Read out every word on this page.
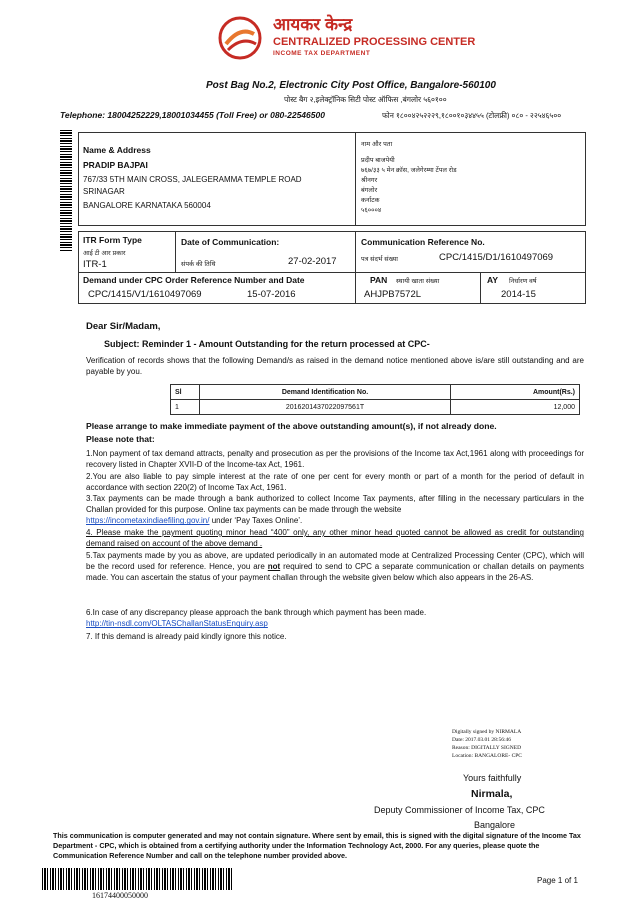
आयकर केन्द्र
CENTRALIZED PROCESSING CENTER
INCOME TAX DEPARTMENT
Post Bag No.2, Electronic City Post Office, Bangalore-560100
पोस्ट बैग २,इलेक्ट्रॉनिक सिटी पोस्ट ऑफिस ,बंगलोर ५६०१००
Telephone: 18004252229,18001034455 (Toll Free) or 080-22546500	फोन १८००४२५२२२९,१८००१०३४४५५ (टोलफ्री) ०८० - २२५४६५००
Name & Address
PRADIP BAJPAI
767/33 5TH MAIN CROSS, JALEGERAMMA TEMPLE ROAD
SRINAGAR
BANGALORE KARNATAKA 560004
नाम और पता
प्रदीप बाजपेयी
७६७/३३ ५ मेन क्रॉस, जलेगेरम्मा टेंपल रोड
श्रीनगर
बंगलोर
कर्नाटक
५६०००४
ITR Form Type
आई टी आर प्रकार
ITR-1
Date of Communication:
संपर्क की तिथि	27-02-2017
Communication Reference No.
पत्र संदर्भ संख्या	CPC/1415/D1/1610497069
Demand under CPC Order Reference Number and Date
CPC/1415/V1/1610497069	15-07-2016
PAN स्थायी खाता संख्या
AHJPB7572L
AY निर्धारण वर्ष
2014-15
Dear Sir/Madam,
Subject: Reminder 1 - Amount Outstanding for the return processed at CPC-
Verification of records shows that the following Demand/s as raised in the demand notice mentioned above is/are still outstanding and are payable by you.
Sl	Demand Identification No.	Amount(Rs.)
1	2016201437022097561T	12,000
Please arrange to make immediate payment of the above outstanding amount(s), if not already done.
Please note that:
1.Non payment of tax demand attracts, penalty and prosecution as per the provisions of the Income tax Act,1961 along with proceedings for recovery listed in Chapter XVII-D of the Income-tax Act, 1961.
2.You are also liable to pay simple interest at the rate of one per cent for every month or part of a month for the period of default in accordance with section 220(2) of Income Tax Act, 1961.
3.Tax payments can be made through a bank authorized to collect Income Tax payments, after filling in the necessary particulars in the Challan provided for this purpose. Online tax payments can be made through the website
https://incometaxindiaefiling.gov.in/ under ‘Pay Taxes Online’.
4. Please make the payment quoting minor head “400” only, any other minor head quoted cannot be allowed as credit for outstanding demand raised on account of the above demand .
5.Tax payments made by you as above, are updated periodically in an automated mode at Centralized Processing Center (CPC), which will be the record used for reference. Hence, you are not required to send to CPC a separate communication or challan details on payments made. You can ascertain the status of your payment challan through the website given below which also appears in the 26-AS.
6.In case of any discrepancy please approach the bank through which payment has been made.
http://tin-nsdl.com/OLTASChallanStatusEnquiry.asp
7. If this demand is already paid kindly ignore this notice.
Digitally signed by NIRMALA
Date: 2017.03.01 28:56:46
Reason: DIGITALLY SIGNED
Location: BANGALORE- CPC
Yours faithfully
Nirmala,
Deputy Commissioner of Income Tax, CPC
Bangalore
This communication is computer generated and may not contain signature. Where sent by email, this is signed with the digital signature of the Income Tax Department - CPC, which is obtained from a certifying authority under the Information Technology Act, 2000. For any queries, please quote the Communication Reference Number and call on the telephone number provided above.
16174400050000
Page 1 of 1
